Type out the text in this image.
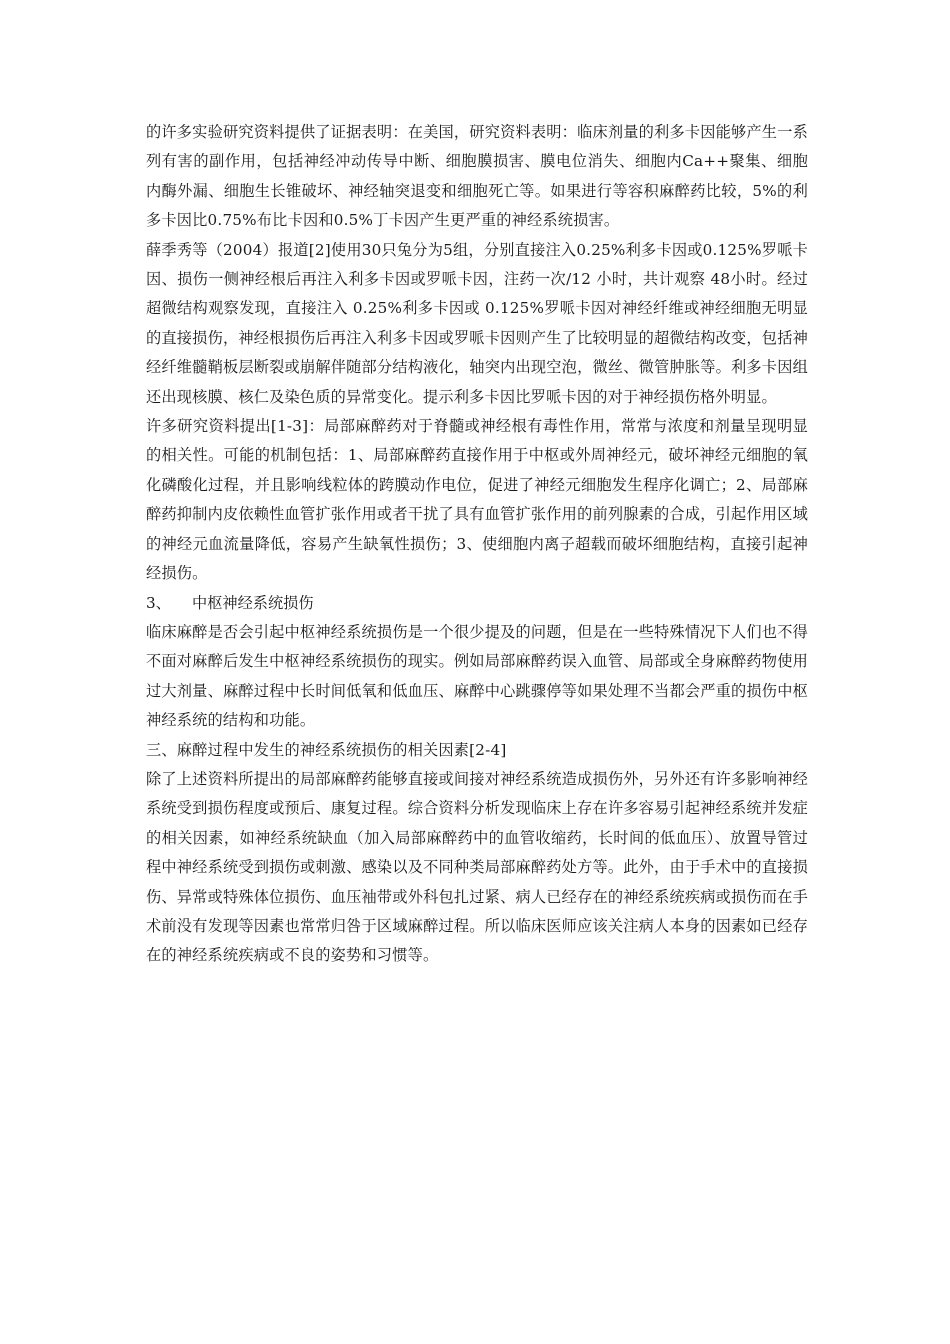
的许多实验研究资料提供了证据表明：在美国，研究资料表明：临床剂量的利多卡因能够产生一系列有害的副作用，包括神经冲动传导中断、细胞膜损害、膜电位消失、细胞内Ca++聚集、细胞内酶外漏、细胞生长锥破坏、神经轴突退变和细胞死亡等。如果进行等容积麻醉药比较，5%的利多卡因比0.75%布比卡因和0.5%丁卡因产生更严重的神经系统损害。

薛季秀等（2004）报道[2]使用30只兔分为5组，分别直接注入0.25%利多卡因或0.125%罗哌卡因、损伤一侧神经根后再注入利多卡因或罗哌卡因，注药一次/12 小时，共计观察 48小时。经过超微结构观察发现，直接注入 0.25%利多卡因或 0.125%罗哌卡因对神经纤维或神经细胞无明显的直接损伤，神经根损伤后再注入利多卡因或罗哌卡因则产生了比较明显的超微结构改变，包括神经纤维髓鞘板层断裂或崩解伴随部分结构液化，轴突内出现空泡，微丝、微管肿胀等。利多卡因组还出现核膜、核仁及染色质的异常变化。提示利多卡因比罗哌卡因的对于神经损伤格外明显。

许多研究资料提出[1-3]：局部麻醉药对于脊髓或神经根有毒性作用，常常与浓度和剂量呈现明显的相关性。可能的机制包括：1、局部麻醉药直接作用于中枢或外周神经元，破坏神经元细胞的氧化磷酸化过程，并且影响线粒体的跨膜动作电位，促进了神经元细胞发生程序化调亡；2、局部麻醉药抑制内皮依赖性血管扩张作用或者干扰了具有血管扩张作用的前列腺素的合成，引起作用区域的神经元血流量降低，容易产生缺氧性损伤；3、使细胞内离子超载而破坏细胞结构，直接引起神经损伤。

3、 中枢神经系统损伤

临床麻醉是否会引起中枢神经系统损伤是一个很少提及的问题，但是在一些特殊情况下人们也不得不面对麻醉后发生中枢神经系统损伤的现实。例如局部麻醉药误入血管、局部或全身麻醉药物使用过大剂量、麻醉过程中长时间低氧和低血压、麻醉中心跳骤停等如果处理不当都会严重的损伤中枢神经系统的结构和功能。

三、麻醉过程中发生的神经系统损伤的相关因素[2-4]

除了上述资料所提出的局部麻醉药能够直接或间接对神经系统造成损伤外，另外还有许多影响神经系统受到损伤程度或预后、康复过程。综合资料分析发现临床上存在许多容易引起神经系统并发症的相关因素，如神经系统缺血（加入局部麻醉药中的血管收缩药，长时间的低血压）、放置导管过程中神经系统受到损伤或刺激、感染以及不同种类局部麻醉药处方等。此外，由于手术中的直接损伤、异常或特殊体位损伤、血压袖带或外科包扎过紧、病人已经存在的神经系统疾病或损伤而在手术前没有发现等因素也常常归咎于区域麻醉过程。所以临床医师应该关注病人本身的因素如已经存在的神经系统疾病或不良的姿势和习惯等。
